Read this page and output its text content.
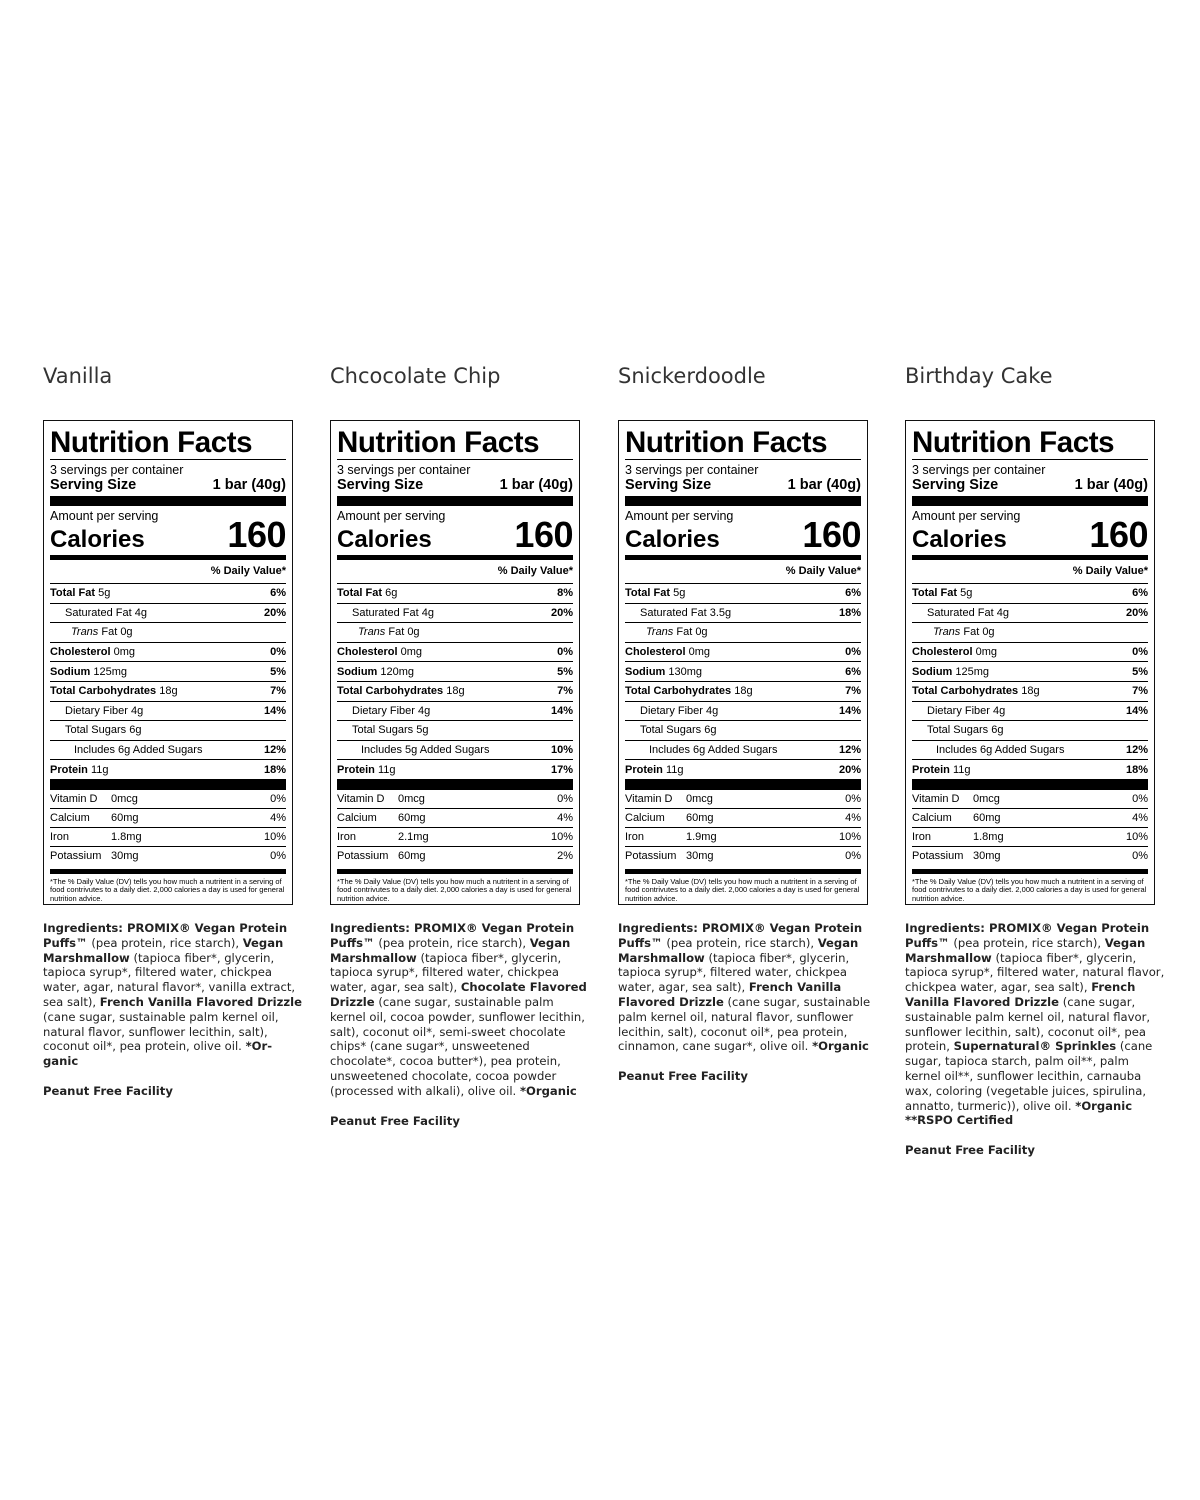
Vanilla
Nutrition Facts
3 servings per container
Serving Size	1 bar (40g)
Amount per serving
Calories 160
% Daily Value*
Total Fat 5g	6%
Saturated Fat 4g	20%
Trans Fat 0g
Cholesterol 0mg	0%
Sodium 125mg	5%
Total Carbohydrates 18g	7%
Dietary Fiber 4g	14%
Total Sugars 6g
Includes 6g Added Sugars	12%
Protein 11g	18%
Vitamin D	0mcg	0%
Calcium	60mg	4%
Iron	1.8mg	10%
Potassium 30mg	0%
*The % Daily Value (DV) tells you how much a nutritent in a serving of food contrivutes to a daily diet. 2,000 calories a day is used for general nutrition advice.
Ingredients: PROMIX® Vegan Protein Puffs™ (pea protein, rice starch), Vegan Marshmallow (tapioca fiber*, glycerin, tapioca syrup*, filtered water, chickpea water, agar, natural flavor*, vanilla extract, sea salt), French Vanilla Flavored Drizzle (cane sugar, sustainable palm kernel oil, natural flavor, sunflower lecithin, salt), coconut oil*, pea protein, olive oil. *Or-ganic
Peanut Free Facility
Chcocolate Chip
Nutrition Facts
3 servings per container
Serving Size	1 bar (40g)
Amount per serving
Calories 160
% Daily Value*
Total Fat 6g	8%
Saturated Fat 4g	20%
Trans Fat 0g
Cholesterol 0mg	0%
Sodium 120mg	5%
Total Carbohydrates 18g	7%
Dietary Fiber 4g	14%
Total Sugars 5g
Includes 5g Added Sugars	10%
Protein 11g	17%
Vitamin D	0mcg	0%
Calcium	60mg	4%
Iron	2.1mg	10%
Potassium 60mg	2%
*The % Daily Value (DV) tells you how much a nutritent in a serving of food contrivutes to a daily diet. 2,000 calories a day is used for general nutrition advice.
Ingredients: PROMIX® Vegan Protein Puffs™ (pea protein, rice starch), Vegan Marshmallow (tapioca fiber*, glycerin, tapioca syrup*, filtered water, chickpea water, agar, sea salt), Chocolate Flavored Drizzle (cane sugar, sustainable palm kernel oil, cocoa powder, sunflower lecithin, salt), coconut oil*, semi-sweet chocolate chips* (cane sugar*, unsweetened chocolate*, cocoa butter*), pea protein, unsweetened chocolate, cocoa powder (processed with alkali), olive oil. *Organic
Peanut Free Facility
Snickerdoodle
Nutrition Facts
3 servings per container
Serving Size	1 bar (40g)
Amount per serving
Calories 160
% Daily Value*
Total Fat 5g	6%
Saturated Fat 3.5g	18%
Trans Fat 0g
Cholesterol 0mg	0%
Sodium 130mg	6%
Total Carbohydrates 18g	7%
Dietary Fiber 4g	14%
Total Sugars 6g
Includes 6g Added Sugars	12%
Protein 11g	20%
Vitamin D	0mcg	0%
Calcium	60mg	4%
Iron	1.9mg	10%
Potassium 30mg	0%
*The % Daily Value (DV) tells you how much a nutritent in a serving of food contrivutes to a daily diet. 2,000 calories a day is used for general nutrition advice.
Ingredients: PROMIX® Vegan Protein Puffs™ (pea protein, rice starch), Vegan Marshmallow (tapioca fiber*, glycerin, tapioca syrup*, filtered water, chickpea water, agar, sea salt), French Vanilla Flavored Drizzle (cane sugar, sustainable palm kernel oil, natural flavor, sunflower lecithin, salt), coconut oil*, pea protein, cinnamon, cane sugar*, olive oil. *Organic
Peanut Free Facility
Birthday Cake
Nutrition Facts
3 servings per container
Serving Size	1 bar (40g)
Amount per serving
Calories 160
% Daily Value*
Total Fat 5g	6%
Saturated Fat 4g	20%
Trans Fat 0g
Cholesterol 0mg	0%
Sodium 125mg	5%
Total Carbohydrates 18g	7%
Dietary Fiber 4g	14%
Total Sugars 6g
Includes 6g Added Sugars	12%
Protein 11g	18%
Vitamin D	0mcg	0%
Calcium	60mg	4%
Iron	1.8mg	10%
Potassium 30mg	0%
*The % Daily Value (DV) tells you how much a nutritent in a serving of food contrivutes to a daily diet. 2,000 calories a day is used for general nutrition advice.
Ingredients: PROMIX® Vegan Protein Puffs™ (pea protein, rice starch), Vegan Marshmallow (tapioca fiber*, glycerin, tapioca syrup*, filtered water, natural flavor, chickpea water, agar, sea salt), French Vanilla Flavored Drizzle (cane sugar, sustainable palm kernel oil, natural flavor, sunflower lecithin, salt), coconut oil*, pea protein, Supernatural® Sprinkles (cane sugar, tapioca starch, palm oil**, palm kernel oil**, sunflower lecithin, carnauba wax, coloring (vegetable juices, spirulina, annatto, turmeric)), olive oil. *Organic **RSPO Certified
Peanut Free Facility
